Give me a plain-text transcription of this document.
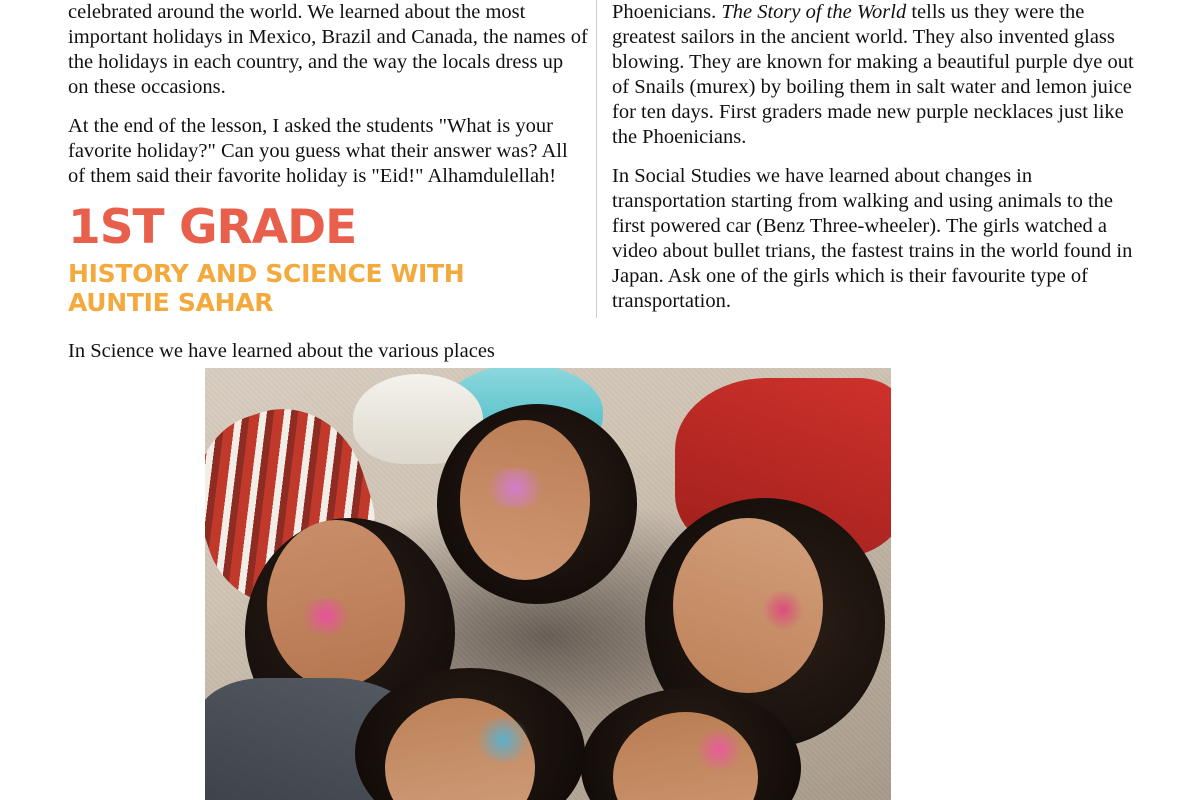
celebrated around the world. We learned about the most important holidays in Mexico, Brazil and Canada, the names of the holidays in each country, and the way the locals dress up on these occasions.

At the end of the lesson, I asked the students "What is your favorite holiday?" Can you guess what their answer was? All of them said their favorite holiday is "Eid!" Alhamdulellah!

1ST GRADE
HISTORY AND SCIENCE WITH AUNTIE SAHAR

In Science we have learned about the various places

Phoenicians. The Story of the World tells us they were the greatest sailors in the ancient world. They also invented glass blowing. They are known for making a beautiful purple dye out of Snails (murex) by boiling them in salt water and lemon juice for ten days. First graders made new purple necklaces just like the Phoenicians.

In Social Studies we have learned about changes in transportation starting from walking and using animals to the first powered car (Benz Three-wheeler). The girls watched a video about bullet trians, the fastest trains in the world found in Japan. Ask one of the girls which is their favourite type of transportation.
